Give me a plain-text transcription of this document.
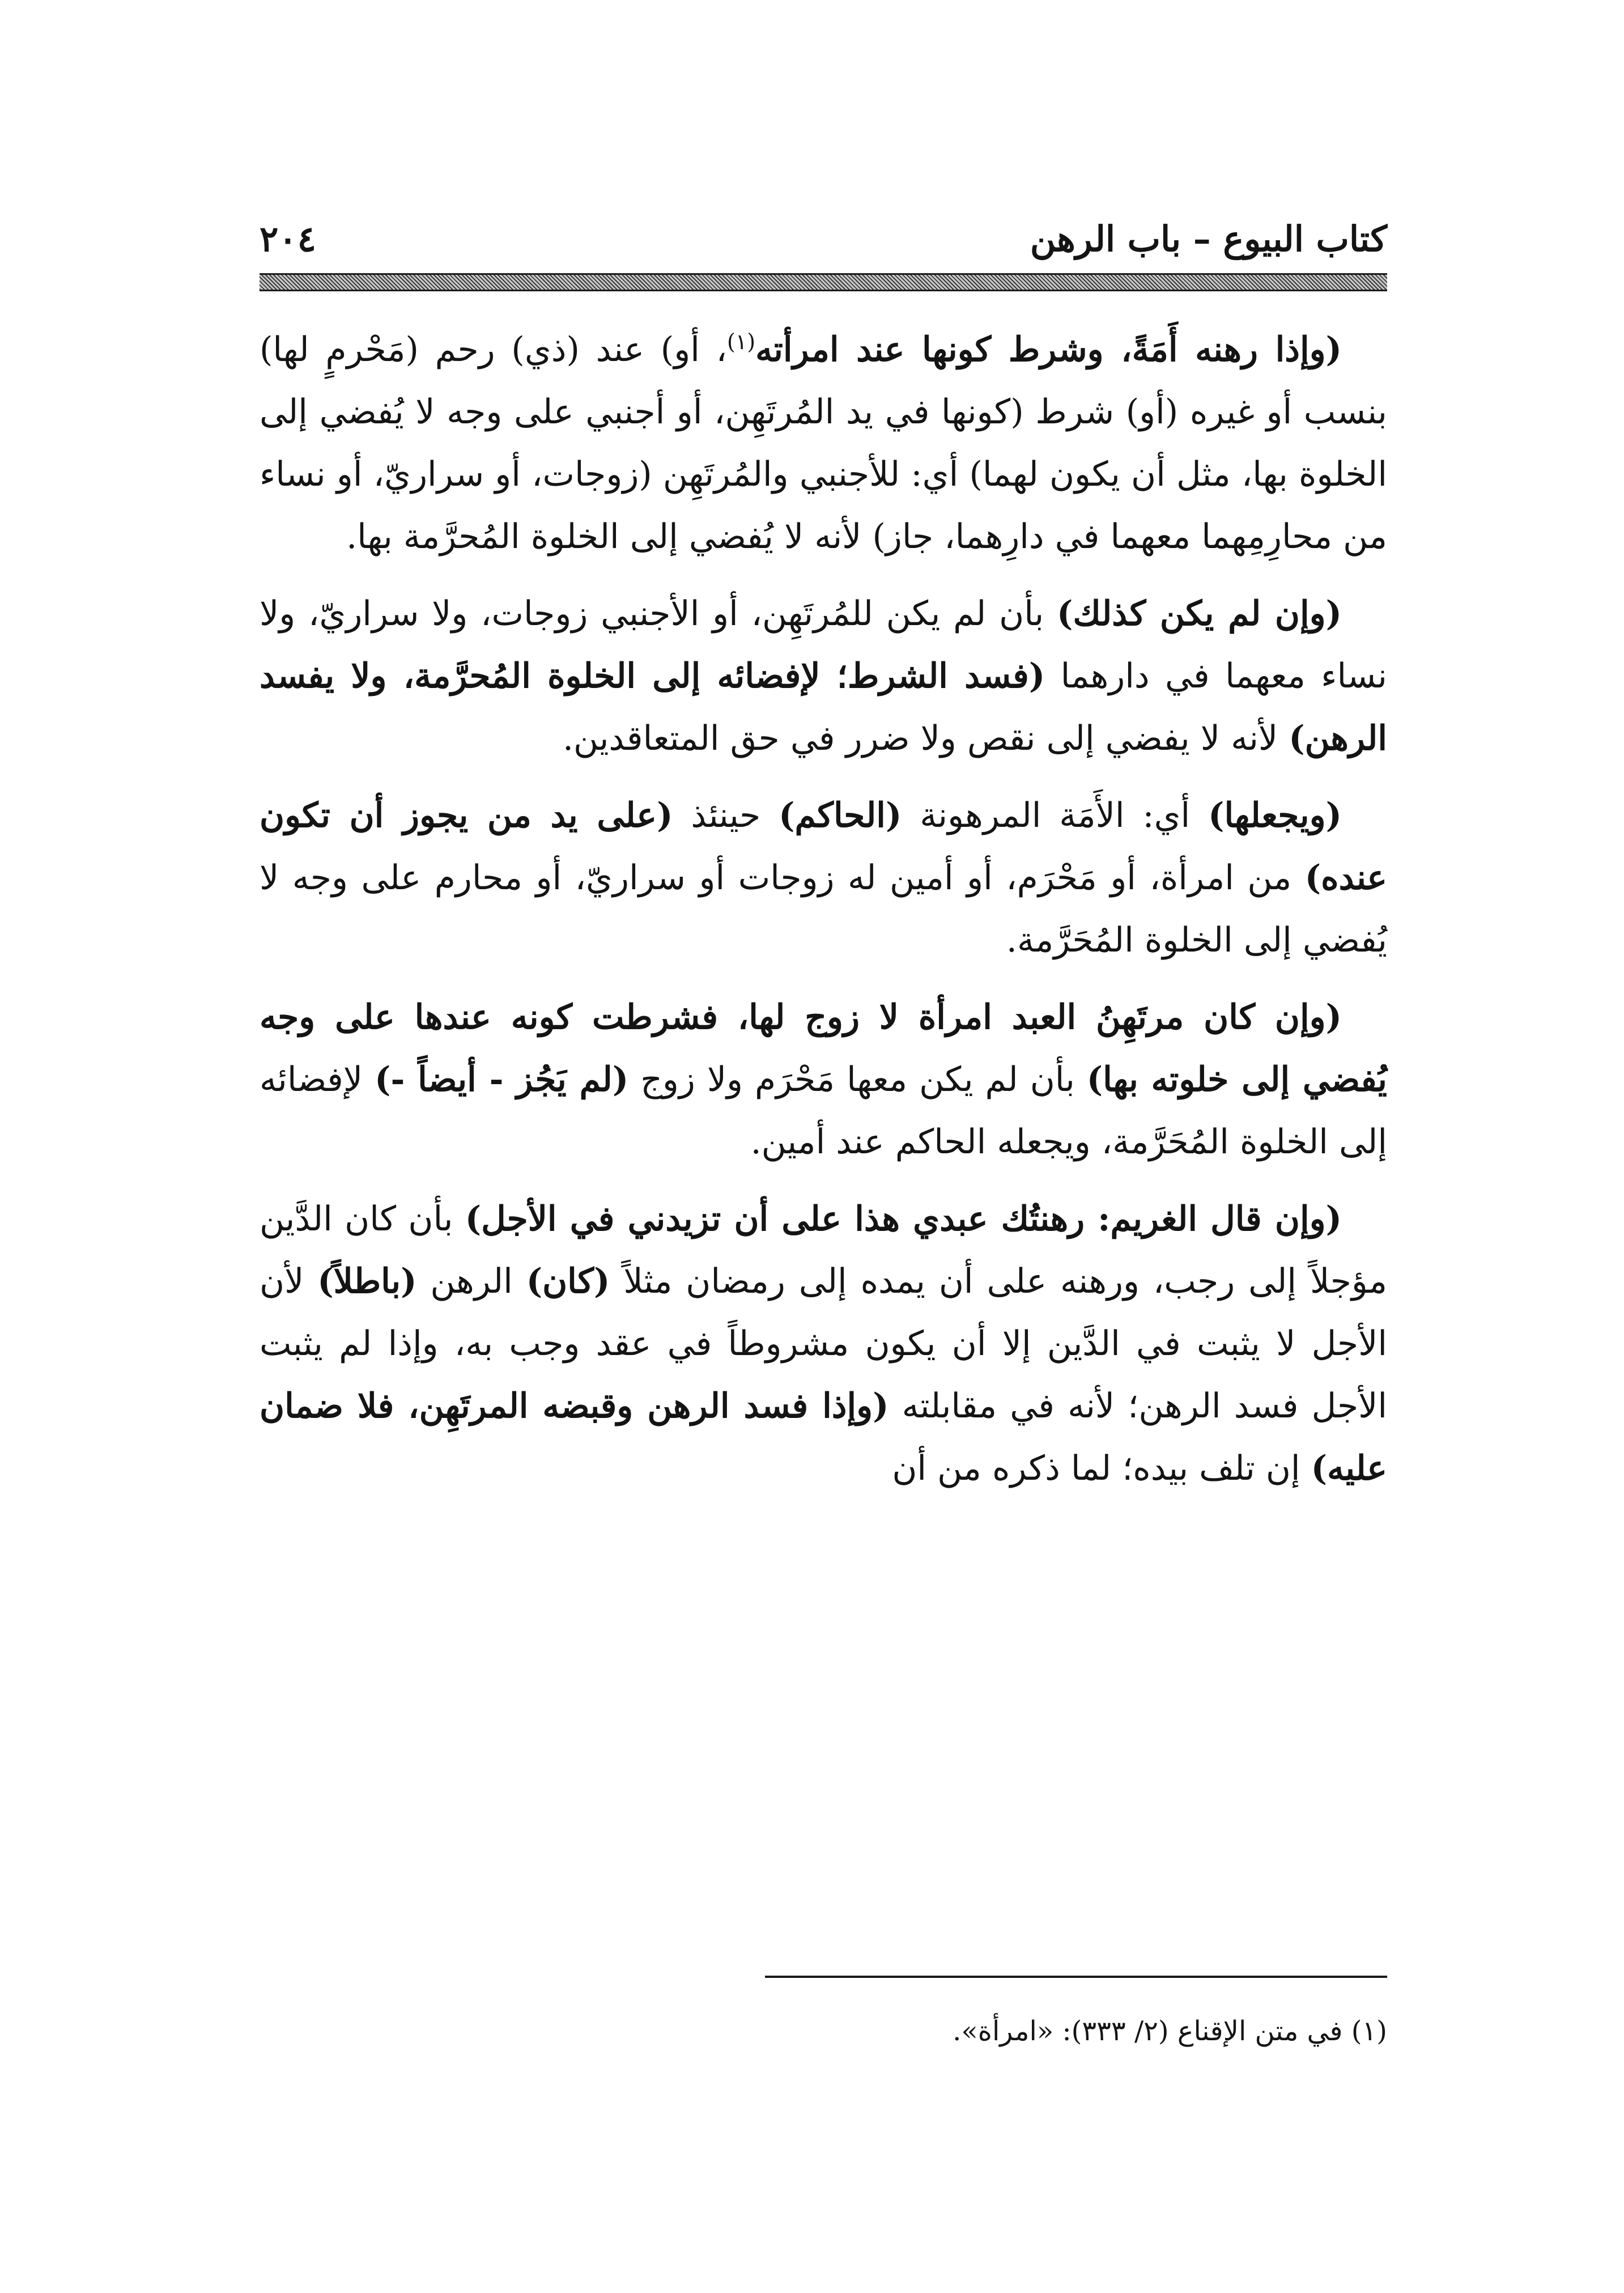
كتاب البيوع – باب الرهن
٢٠٤

(وإذا رهنه أَمَةً، وشرط كونها عند امرأته$^{(١)}$، أو) عند (ذي) رحم (مَحْرمٍ لها) بنسب أو غيره (أو) شرط (كونها في يد المُرتَهِن، أو أجنبي على وجه لا يُفضي إلى الخلوة بها، مثل أن يكون لهما) أي: للأجنبي والمُرتَهِن (زوجات، أو سراريّ، أو نساء من محارِمِهما معهما في دارِهما، جاز) لأنه لا يُفضي إلى الخلوة المُحرَّمة بها.

(وإن لم يكن كذلك) بأن لم يكن للمُرتَهِن، أو الأجنبي زوجات، ولا سراريّ، ولا نساء معهما في دارهما (فسد الشرط؛ لإفضائه إلى الخلوة المُحرَّمة، ولا يفسد الرهن) لأنه لا يفضي إلى نقص ولا ضرر في حق المتعاقدين.

(ويجعلها) أي: الأَمَة المرهونة (الحاكم) حينئذ (على يد من يجوز أن تكون عنده) من امرأة، أو مَحْرَم، أو أمين له زوجات أو سراريّ، أو محارم على وجه لا يُفضي إلى الخلوة المُحَرَّمة.

(وإن كان مرتَهِنُ العبد امرأة لا زوج لها، فشرطت كونه عندها على وجه يُفضي إلى خلوته بها) بأن لم يكن معها مَحْرَم ولا زوج (لم يَجُز - أيضاً -) لإفضائه إلى الخلوة المُحَرَّمة، ويجعله الحاكم عند أمين.

(وإن قال الغريم: رهنتُك عبدي هذا على أن تزيدني في الأجل) بأن كان الدَّين مؤجلاً إلى رجب، ورهنه على أن يمده إلى رمضان مثلاً (كان) الرهن (باطلاً) لأن الأجل لا يثبت في الدَّين إلا أن يكون مشروطاً في عقد وجب به، وإذا لم يثبت الأجل فسد الرهن؛ لأنه في مقابلته (وإذا فسد الرهن وقبضه المرتَهِن، فلا ضمان عليه) إن تلف بيده؛ لما ذكره من أن

(١) في متن الإقناع (٢/ ٣٣٣): «امرأة».
